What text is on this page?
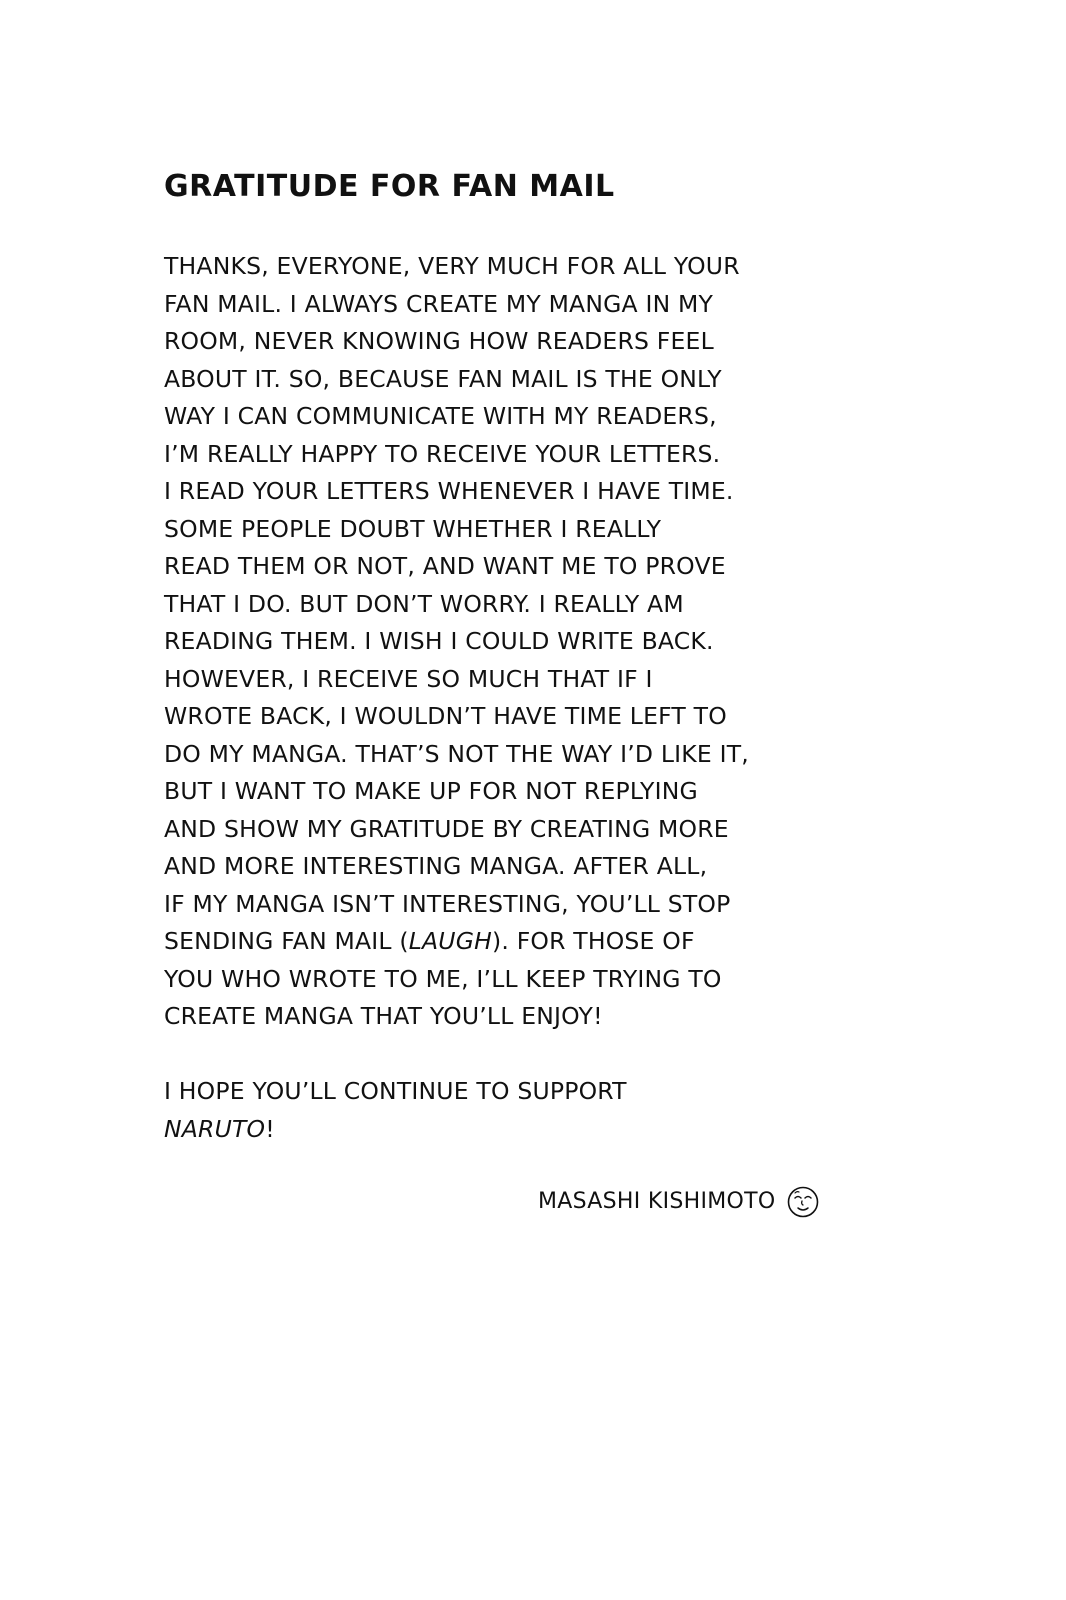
GRATITUDE FOR FAN MAIL
THANKS, EVERYONE, VERY MUCH FOR ALL YOUR
FAN MAIL. I ALWAYS CREATE MY MANGA IN MY
ROOM, NEVER KNOWING HOW READERS FEEL
ABOUT IT. SO, BECAUSE FAN MAIL IS THE ONLY
WAY I CAN COMMUNICATE WITH MY READERS,
I’M REALLY HAPPY TO RECEIVE YOUR LETTERS.
I READ YOUR LETTERS WHENEVER I HAVE TIME.
SOME PEOPLE DOUBT WHETHER I REALLY
READ THEM OR NOT, AND WANT ME TO PROVE
THAT I DO. BUT DON’T WORRY. I REALLY AM
READING THEM. I WISH I COULD WRITE BACK.
HOWEVER, I RECEIVE SO MUCH THAT IF I
WROTE BACK, I WOULDN’T HAVE TIME LEFT TO
DO MY MANGA. THAT’S NOT THE WAY I’D LIKE IT,
BUT I WANT TO MAKE UP FOR NOT REPLYING
AND SHOW MY GRATITUDE BY CREATING MORE
AND MORE INTERESTING MANGA. AFTER ALL,
IF MY MANGA ISN’T INTERESTING, YOU’LL STOP
SENDING FAN MAIL (LAUGH). FOR THOSE OF
YOU WHO WROTE TO ME, I’LL KEEP TRYING TO
CREATE MANGA THAT YOU’LL ENJOY!
I HOPE YOU’LL CONTINUE TO SUPPORT
NARUTO!
MASASHI KISHIMOTO
